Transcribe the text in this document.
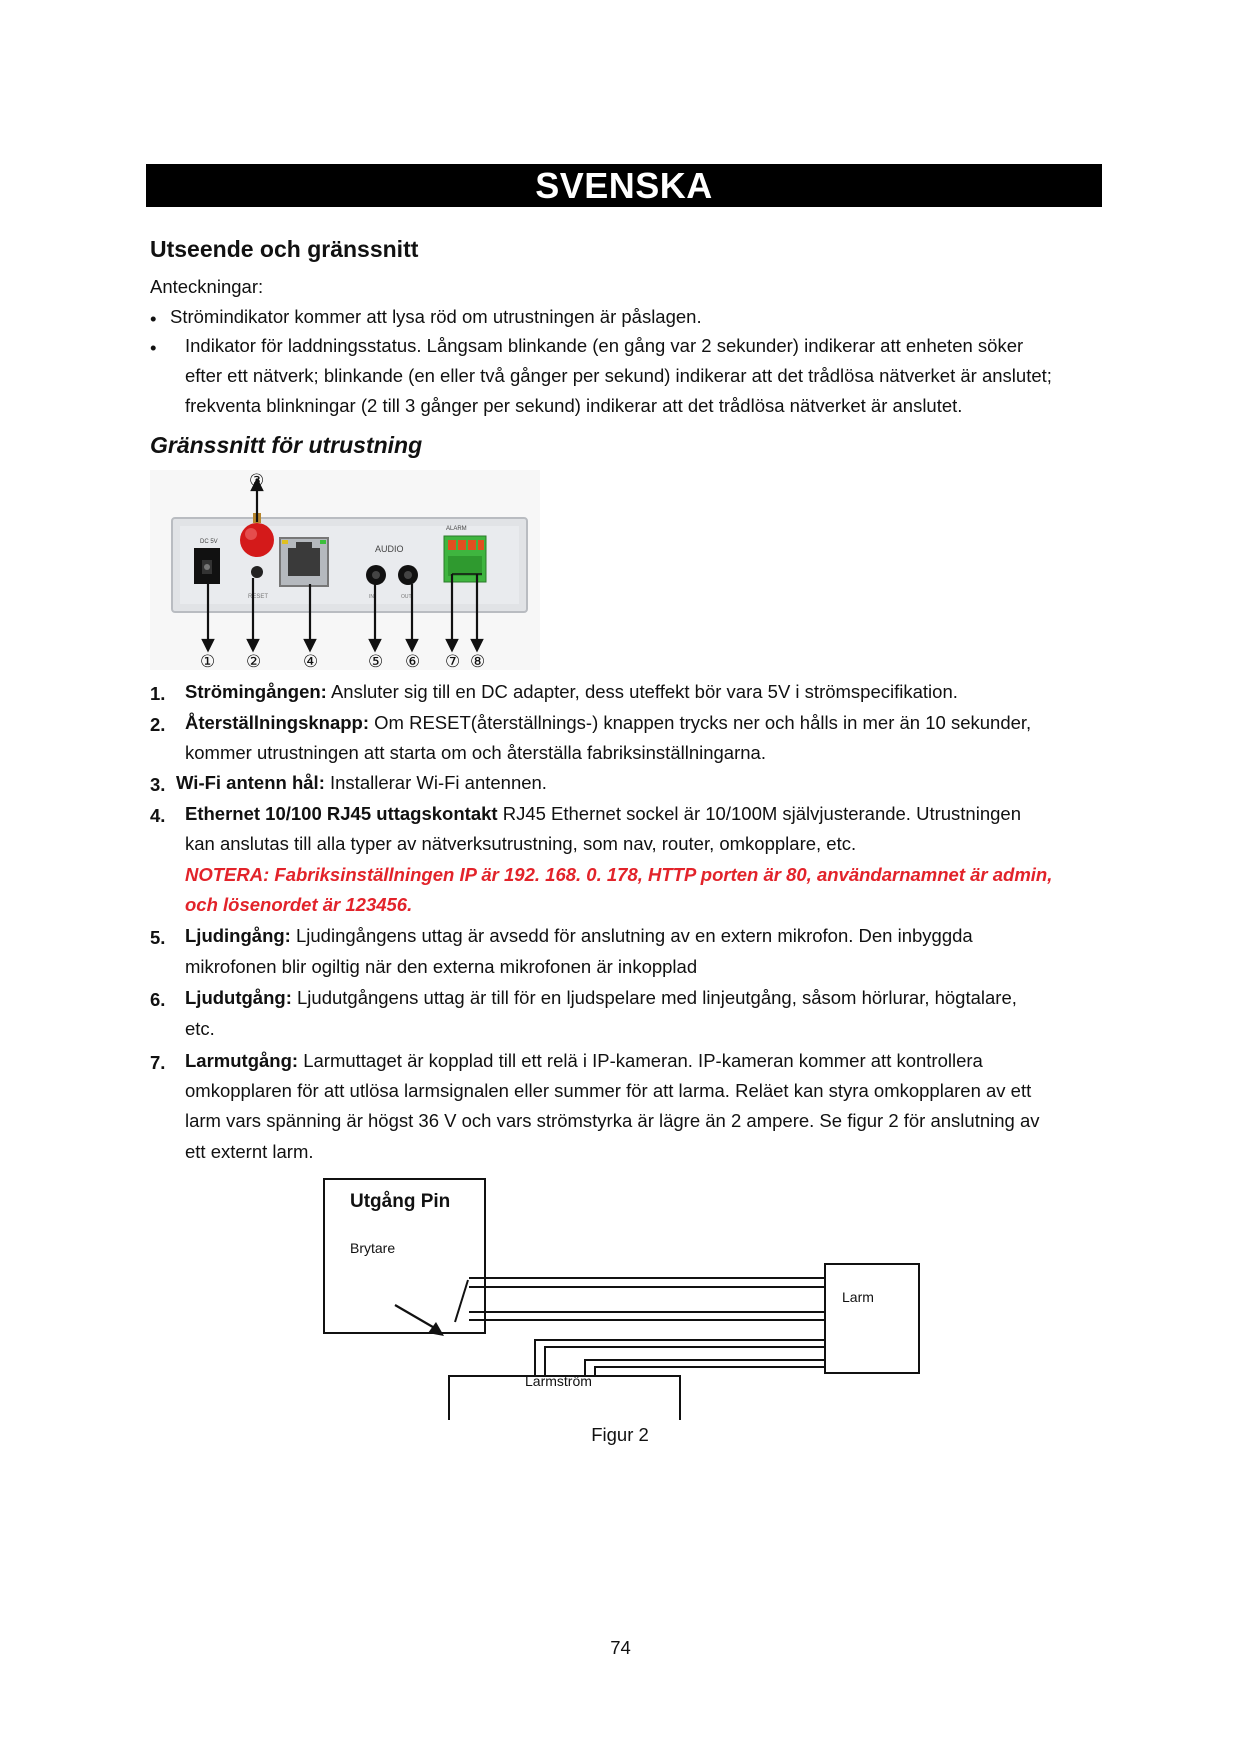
SVENSKA
Utseende och gränssnitt
Anteckningar:
• Strömindikator kommer att lysa röd om utrustningen är påslagen.
• Indikator för laddningsstatus. Långsam blinkande (en gång var 2 sekunder) indikerar att enheten söker
efter ett nätverk; blinkande (en eller två gånger per sekund) indikerar att det trådlösa nätverket är anslutet;
frekventa blinkningar (2 till 3 gånger per sekund) indikerar att det trådlösa nätverket är anslutet.
Gränssnitt för utrustning
DC 5V
RESET
AUDIO
IN	OUT
ALARM
① ②
③
④	⑤ ⑥ ⑦ ⑧
1. Strömingången: Ansluter sig till en DC adapter, dess uteffekt bör vara 5V i strömspecifikation.
2. Återställningsknapp: Om RESET(återställnings-) knappen trycks ner och hålls in mer än 10 sekunder,
kommer utrustningen att starta om och återställa fabriksinställningarna.
3. Wi-Fi antenn hål: Installerar Wi-Fi antennen.
4. Ethernet 10/100 RJ45 uttagskontakt RJ45 Ethernet sockel är 10/100M självjusterande. Utrustningen
kan anslutas till alla typer av nätverksutrustning, som nav, router, omkopplare, etc.
NOTERA: Fabriksinställningen IP är 192. 168. 0. 178, HTTP porten är 80, användarnamnet är admin,
och lösenordet är 123456.
5. Ljudingång: Ljudingångens uttag är avsedd för anslutning av en extern mikrofon. Den inbyggda
mikrofonen blir ogiltig när den externa mikrofonen är inkopplad
6. Ljudutgång: Ljudutgångens uttag är till för en ljudspelare med linjeutgång, såsom hörlurar, högtalare,
etc.
7. Larmutgång: Larmuttaget är kopplad till ett relä i IP-kameran. IP-kameran kommer att kontrollera
omkopplaren för att utlösa larmsignalen eller summer för att larma. Reläet kan styra omkopplaren av ett
larm vars spänning är högst 36 V och vars strömstyrka är lägre än 2 ampere. Se figur 2 för anslutning av
ett externt larm.
Utgång Pin
Brytare
Larm
Larmström
Figur 2
74
